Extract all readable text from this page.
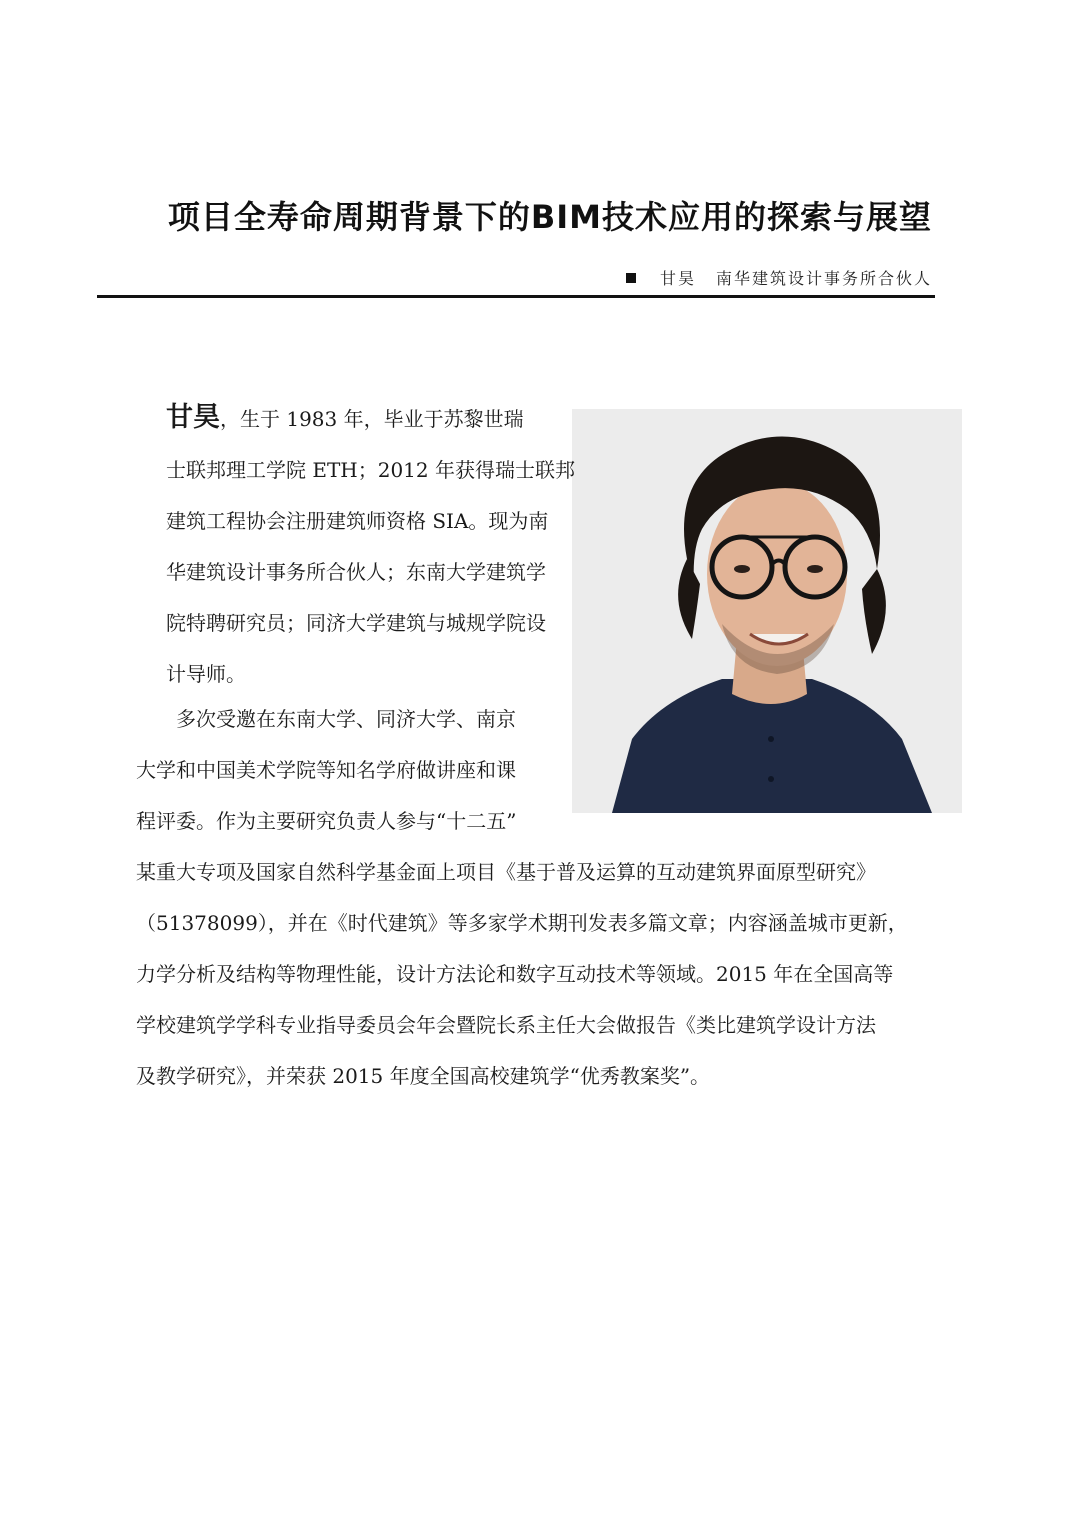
项目全寿命周期背景下的BIM技术应用的探索与展望
甘昊 南华建筑设计事务所合伙人

甘昊，生于 1983 年，毕业于苏黎世瑞
士联邦理工学院 ETH；2012 年获得瑞士联邦
建筑工程协会注册建筑师资格 SIA。现为南
华建筑设计事务所合伙人；东南大学建筑学
院特聘研究员；同济大学建筑与城规学院设
计导师。

多次受邀在东南大学、同济大学、南京
大学和中国美术学院等知名学府做讲座和课
程评委。作为主要研究负责人参与“十二五”
某重大专项及国家自然科学基金面上项目《基于普及运算的互动建筑界面原型研究》
（51378099），并在《时代建筑》等多家学术期刊发表多篇文章；内容涵盖城市更新，
力学分析及结构等物理性能，设计方法论和数字互动技术等领域。2015 年在全国高等
学校建筑学学科专业指导委员会年会暨院长系主任大会做报告《类比建筑学设计方法
及教学研究》，并荣获 2015 年度全国高校建筑学“优秀教案奖”。
